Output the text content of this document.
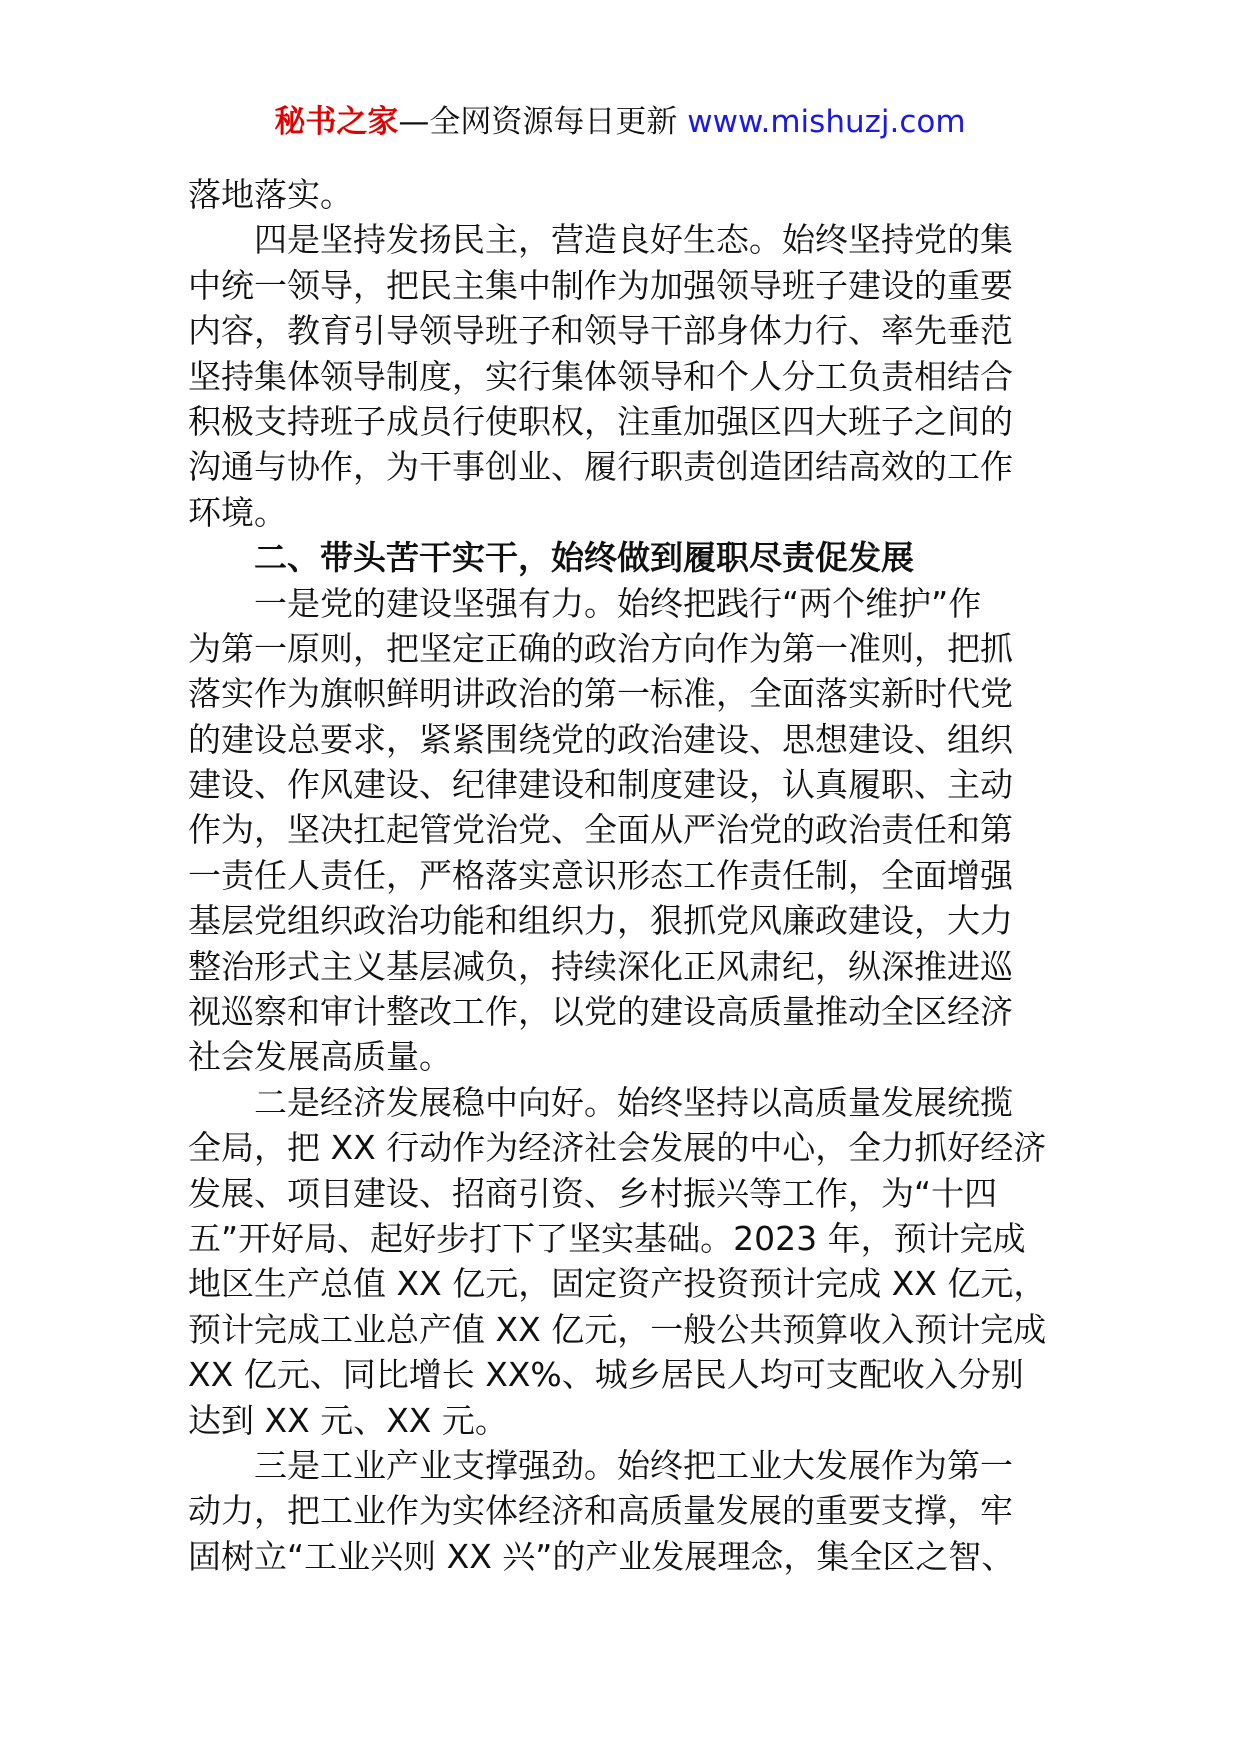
秘书之家—全网资源每日更新 www.mishuzj.com
落地落实。
四是坚持发扬民主，营造良好生态。始终坚持党的集
中统一领导，把民主集中制作为加强领导班子建设的重要
内容，教育引导领导班子和领导干部身体力行、率先垂范
坚持集体领导制度，实行集体领导和个人分工负责相结合
积极支持班子成员行使职权，注重加强区四大班子之间的
沟通与协作，为干事创业、履行职责创造团结高效的工作
环境。
二、带头苦干实干，始终做到履职尽责促发展
一是党的建设坚强有力。始终把践行“两个维护”作
为第一原则，把坚定正确的政治方向作为第一准则，把抓
落实作为旗帜鲜明讲政治的第一标准，全面落实新时代党
的建设总要求，紧紧围绕党的政治建设、思想建设、组织
建设、作风建设、纪律建设和制度建设，认真履职、主动
作为，坚决扛起管党治党、全面从严治党的政治责任和第
一责任人责任，严格落实意识形态工作责任制，全面增强
基层党组织政治功能和组织力，狠抓党风廉政建设，大力
整治形式主义基层减负，持续深化正风肃纪，纵深推进巡
视巡察和审计整改工作，以党的建设高质量推动全区经济
社会发展高质量。
二是经济发展稳中向好。始终坚持以高质量发展统揽
全局，把 XX 行动作为经济社会发展的中心，全力抓好经济
发展、项目建设、招商引资、乡村振兴等工作，为“十四
五”开好局、起好步打下了坚实基础。2023 年，预计完成
地区生产总值 XX 亿元，固定资产投资预计完成 XX 亿元，
预计完成工业总产值 XX 亿元，一般公共预算收入预计完成
XX 亿元、同比增长 XX%、城乡居民人均可支配收入分别
达到 XX 元、XX 元。
三是工业产业支撑强劲。始终把工业大发展作为第一
动力，把工业作为实体经济和高质量发展的重要支撑，牢
固树立“工业兴则 XX 兴”的产业发展理念，集全区之智、
